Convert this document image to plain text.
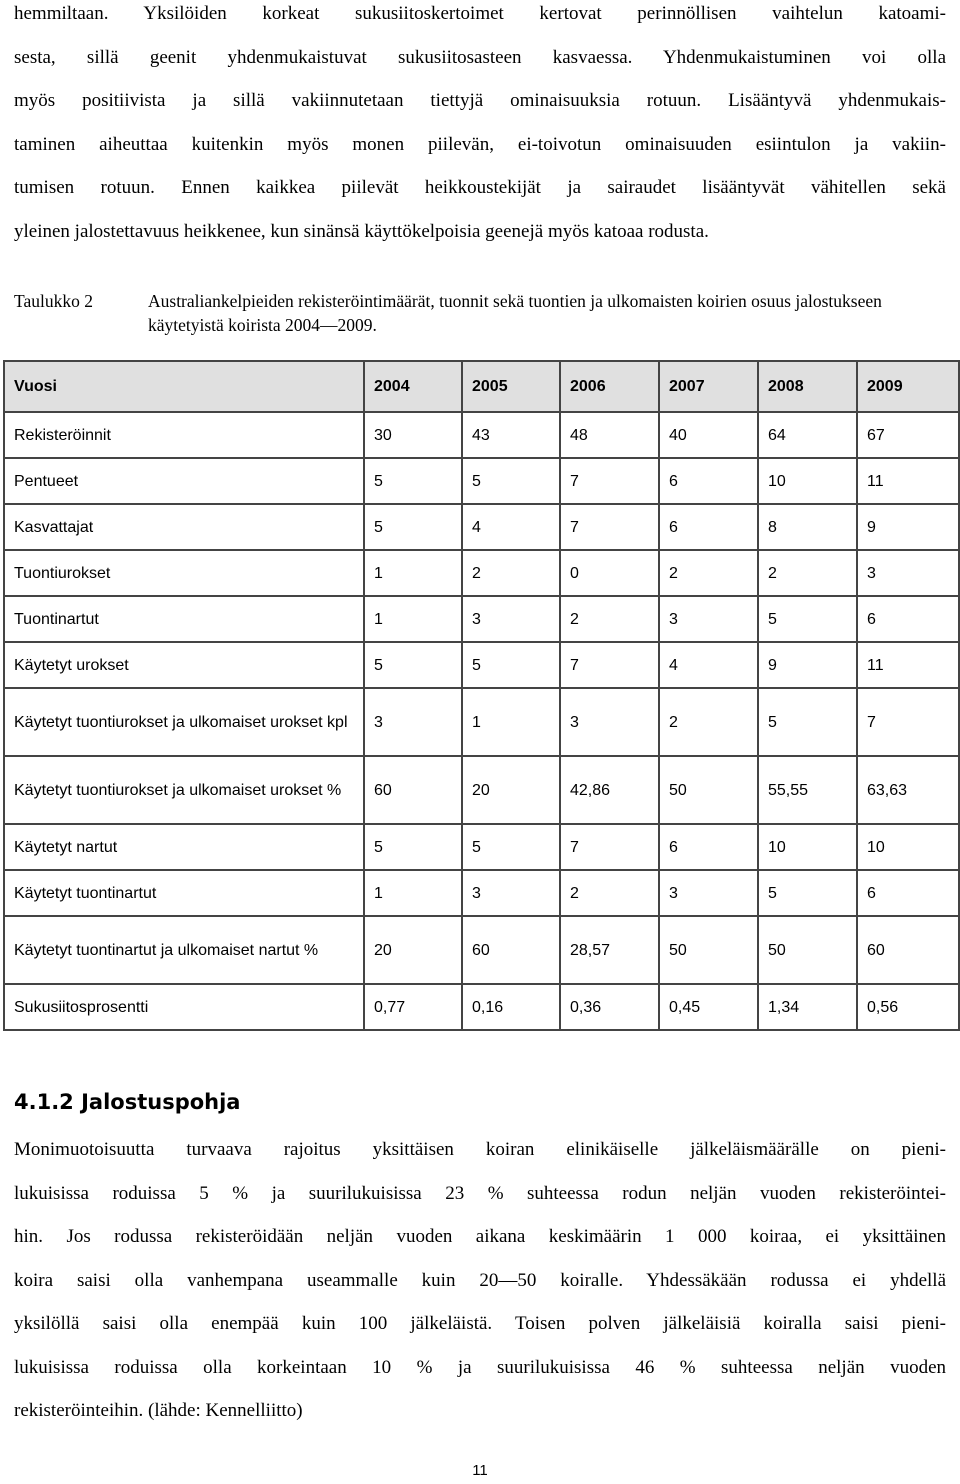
hemmiltaan. Yksilöiden korkeat sukusiitoskertoimet kertovat perinnöllisen vaihtelun katoami-
sesta, sillä geenit yhdenmukaistuvat sukusiitosasteen kasvaessa. Yhdenmukaistuminen voi olla
myös positiivista ja sillä vakiinnutetaan tiettyjä ominaisuuksia rotuun. Lisääntyvä yhdenmukais-
taminen aiheuttaa kuitenkin myös monen piilevän, ei-toivotun ominaisuuden esiintulon ja vakiin-
tumisen rotuun. Ennen kaikkea piilevät heikkoustekijät ja sairaudet lisääntyvät vähitellen sekä
yleinen jalostettavuus heikkenee, kun sinänsä käyttökelpoisia geenejä myös katoaa rodusta.

Taulukko 2	Australiankelpieiden rekisteröintimäärät, tuonnit sekä tuontien ja ulkomaisten koirien osuus jalostukseen käytetyistä koirista 2004—2009.
Vuosi	2004	2005	2006	2007	2008	2009
Rekisteröinnit	30	43	48	40	64	67
Pentueet	5	5	7	6	10	11
Kasvattajat	5	4	7	6	8	9
Tuontiurokset	1	2	0	2	2	3
Tuontinartut	1	3	2	3	5	6
Käytetyt urokset	5	5	7	4	9	11
Käytetyt tuontiurokset ja ulkomaiset urokset kpl	3	1	3	2	5	7
Käytetyt tuontiurokset ja ulkomaiset urokset %	60	20	42,86	50	55,55	63,63
Käytetyt nartut	5	5	7	6	10	10
Käytetyt tuontinartut	1	3	2	3	5	6
Käytetyt tuontinartut ja ulkomaiset nartut %	20	60	28,57	50	50	60
Sukusiitosprosentti	0,77	0,16	0,36	0,45	1,34	0,56
4.1.2 Jalostuspohja

Monimuotoisuutta turvaava rajoitus yksittäisen koiran elinikäiselle jälkeläismäärälle on pieni-
lukuisissa roduissa 5 % ja suurilukuisissa 23 % suhteessa rodun neljän vuoden rekisteröintei-
hin. Jos rodussa rekisteröidään neljän vuoden aikana keskimäärin 1 000 koiraa, ei yksittäinen
koira saisi olla vanhempana useammalle kuin 20—50 koiralle. Yhdessäkään rodussa ei yhdellä
yksilöllä saisi olla enempää kuin 100 jälkeläistä. Toisen polven jälkeläisiä koiralla saisi pieni-
lukuisissa roduissa olla korkeintaan 10 % ja suurilukuisissa 46 % suhteessa neljän vuoden
rekisteröinteihin. (lähde: Kennelliitto)

11
